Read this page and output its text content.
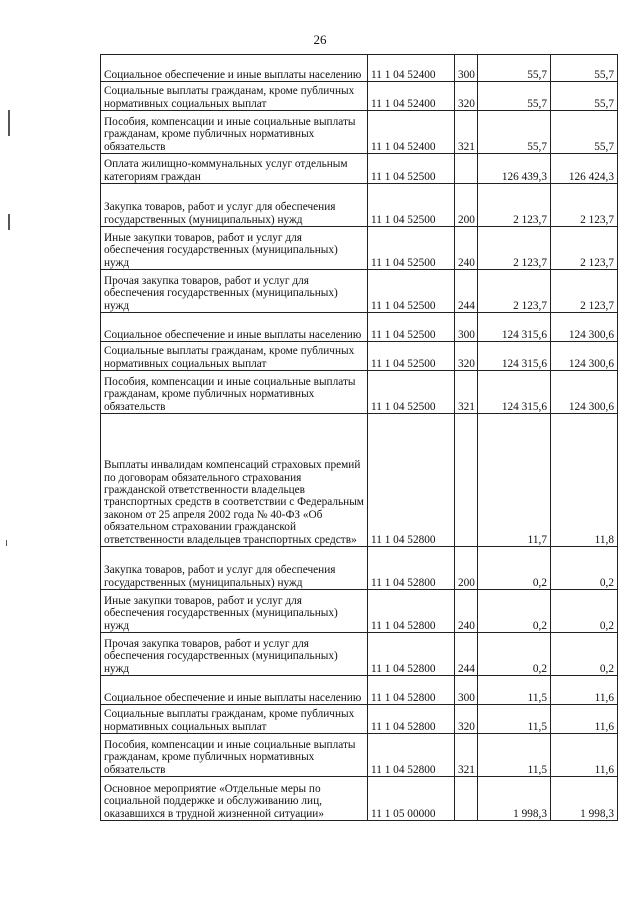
26
Социальное обеспечение и иные выплаты населению	11 1 04 52400	300	55,7	55,7
Социальные выплаты гражданам, кроме публичных нормативных социальных выплат	11 1 04 52400	320	55,7	55,7
Пособия, компенсации и иные социальные выплаты гражданам, кроме публичных нормативных обязательств	11 1 04 52400	321	55,7	55,7
Оплата жилищно-коммунальных услуг отдельным категориям граждан	11 1 04 52500		126 439,3	126 424,3
Закупка товаров, работ и услуг для обеспечения государственных (муниципальных) нужд	11 1 04 52500	200	2 123,7	2 123,7
Иные закупки товаров, работ и услуг для обеспечения государственных (муниципальных) нужд	11 1 04 52500	240	2 123,7	2 123,7
Прочая закупка товаров, работ и услуг для обеспечения государственных (муниципальных) нужд	11 1 04 52500	244	2 123,7	2 123,7
Социальное обеспечение и иные выплаты населению	11 1 04 52500	300	124 315,6	124 300,6
Социальные выплаты гражданам, кроме публичных нормативных социальных выплат	11 1 04 52500	320	124 315,6	124 300,6
Пособия, компенсации и иные социальные выплаты гражданам, кроме публичных нормативных обязательств	11 1 04 52500	321	124 315,6	124 300,6
Выплаты инвалидам компенсаций страховых премий по договорам обязательного страхования гражданской ответственности владельцев транспортных средств в соответствии с Федеральным законом от 25 апреля 2002 года № 40-ФЗ «Об обязательном страховании гражданской ответственности владельцев транспортных средств»	11 1 04 52800		11,7	11,8
Закупка товаров, работ и услуг для обеспечения государственных (муниципальных) нужд	11 1 04 52800	200	0,2	0,2
Иные закупки товаров, работ и услуг для обеспечения государственных (муниципальных) нужд	11 1 04 52800	240	0,2	0,2
Прочая закупка товаров, работ и услуг для обеспечения государственных (муниципальных) нужд	11 1 04 52800	244	0,2	0,2
Социальное обеспечение и иные выплаты населению	11 1 04 52800	300	11,5	11,6
Социальные выплаты гражданам, кроме публичных нормативных социальных выплат	11 1 04 52800	320	11,5	11,6
Пособия, компенсации и иные социальные выплаты гражданам, кроме публичных нормативных обязательств	11 1 04 52800	321	11,5	11,6
Основное мероприятие «Отдельные меры по социальной поддержке и обслуживанию лиц, оказавшихся в трудной жизненной ситуации»	11 1 05 00000		1 998,3	1 998,3
